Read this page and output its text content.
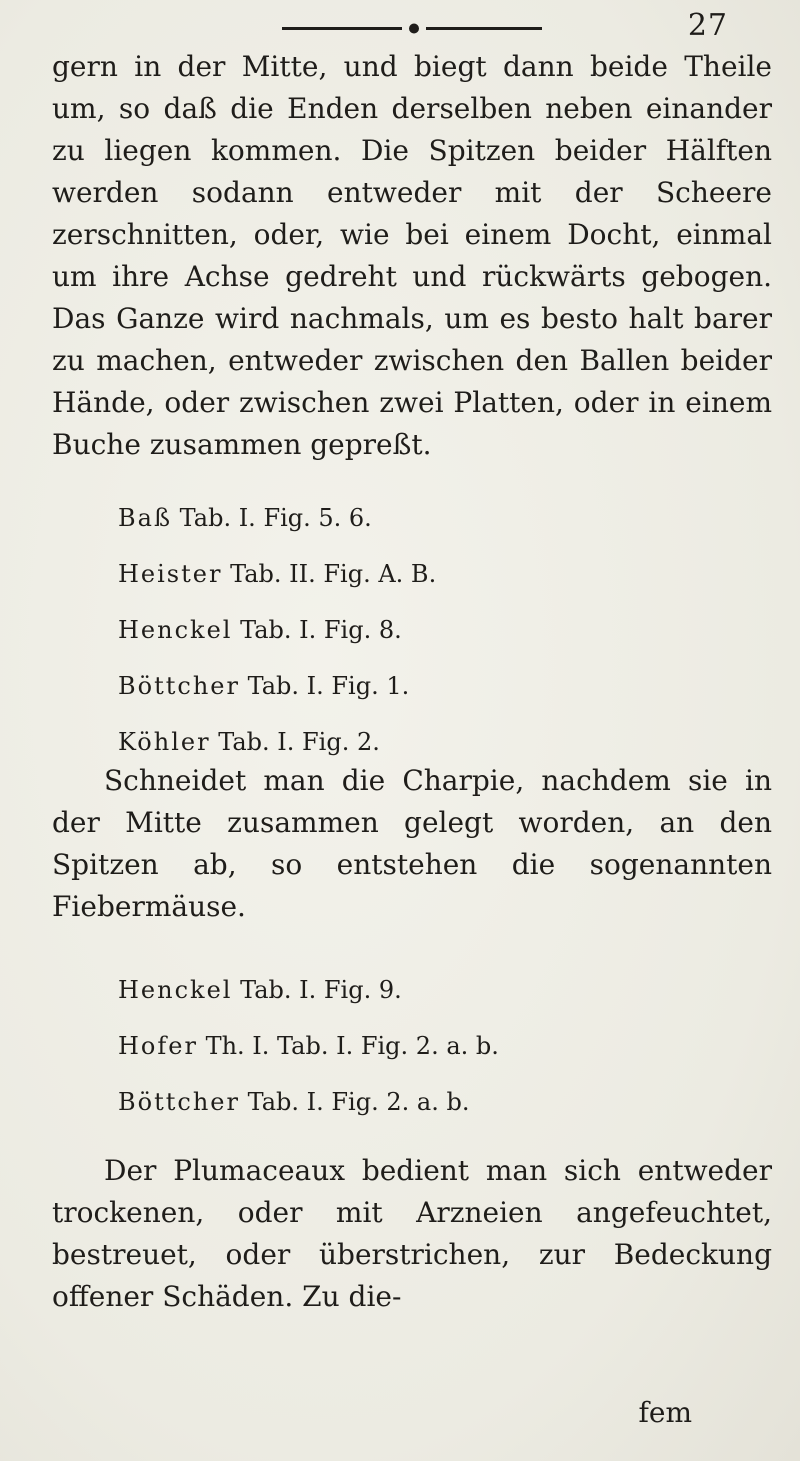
27

gern in der Mitte, und biegt dann beide Theile um, so daß die Enden derselben neben einander zu liegen kommen. Die Spitzen beider Hälften werden sodann entweder mit der Scheere zerschnitten, oder, wie bei einem Docht, einmal um ihre Achse gedreht und rückwärts gebogen. Das Ganze wird nachmals, um es besto halt barer zu machen, entweder zwischen den Ballen beider Hände, oder zwischen zwei Platten, oder in einem Buche zusammen gepreßt.

Baß Tab. I. Fig. 5. 6.
Heister Tab. II. Fig. A. B.
Henckel Tab. I. Fig. 8.
Böttcher Tab. I. Fig. 1.
Köhler Tab. I. Fig. 2.

Schneidet man die Charpie, nachdem sie in der Mitte zusammen gelegt worden, an den Spitzen ab, so entstehen die sogenannten Fiebermäuse.

Henckel Tab. I. Fig. 9.
Hofer Th. I. Tab. I. Fig. 2. a. b.
Böttcher Tab. I. Fig. 2. a. b.

Der Plumaceaux bedient man sich entweder trockenen, oder mit Arzneien angefeuchtet, bestreuet, oder überstrichen, zur Bedeckung offener Schäden. Zu die-

fem
